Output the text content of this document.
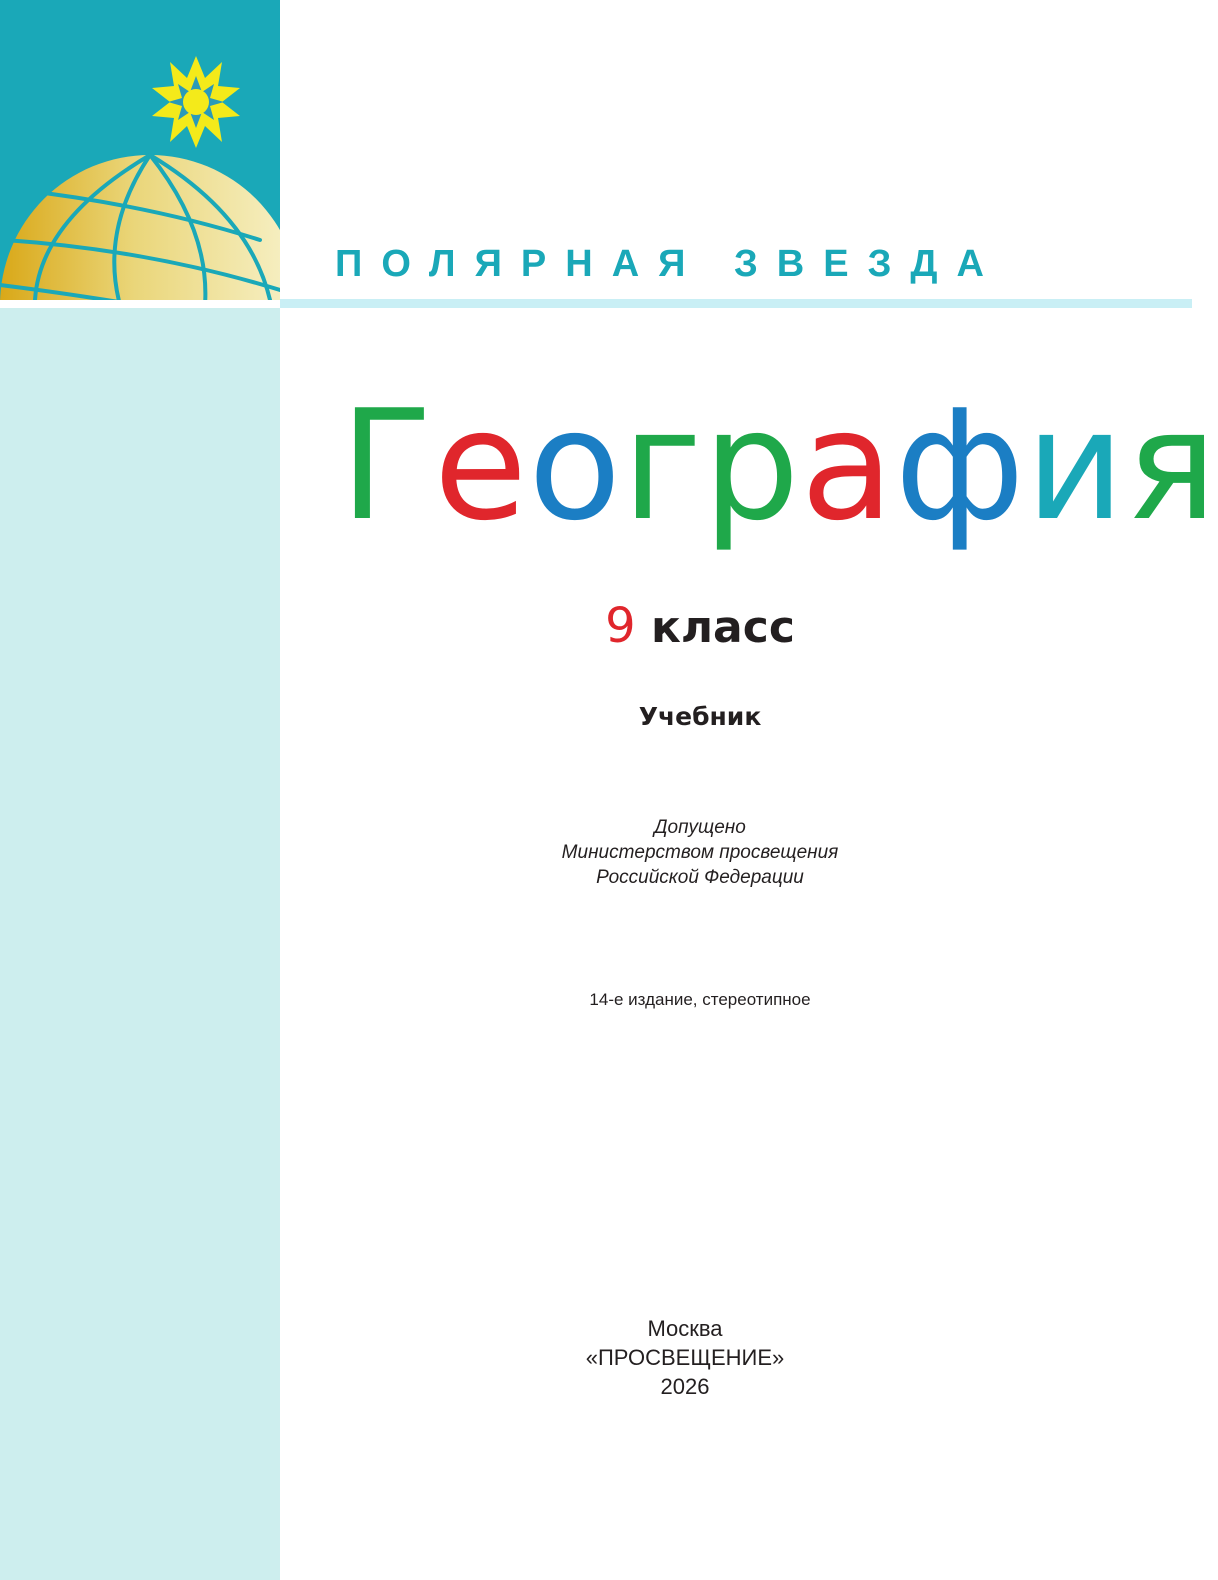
ПОЛЯРНАЯ ЗВЕЗДА
География
9 класс
Учебник
Допущено
Министерством просвещения
Российской Федерации
14-е издание, стереотипное
Москва
«ПРОСВЕЩЕНИЕ»
2026
